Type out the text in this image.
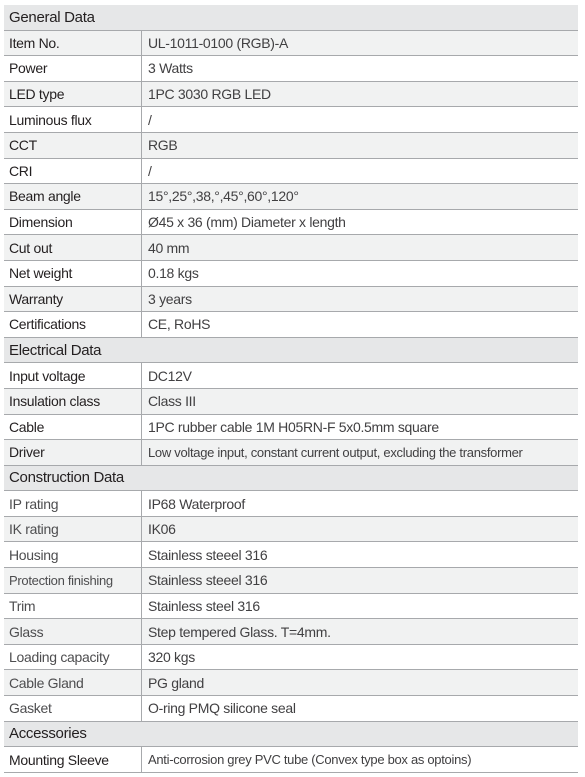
General Data
Item No.	UL-1011-0100 (RGB)-A
Power	3 Watts
LED type	1PC 3030 RGB LED
Luminous flux	/
CCT	RGB
CRI	/
Beam angle	15°,25°,38,°,45°,60°,120°
Dimension	Ø45 x 36 (mm) Diameter x length
Cut out	40 mm
Net weight	0.18 kgs
Warranty	3 years
Certifications	CE, RoHS
Electrical Data
Input voltage	DC12V
Insulation class	Class III
Cable	1PC rubber cable 1M H05RN-F 5x0.5mm square
Driver	Low voltage input, constant current output, excluding the transformer
Construction Data
IP rating	IP68 Waterproof
IK rating	IK06
Housing	Stainless steeel 316
Protection finishing	Stainless steeel 316
Trim	Stainless steel 316
Glass	Step tempered Glass. T=4mm.
Loading capacity	320 kgs
Cable Gland	PG gland
Gasket	O-ring PMQ silicone seal
Accessories
Mounting Sleeve	Anti-corrosion grey PVC tube (Convex type box as optoins)
